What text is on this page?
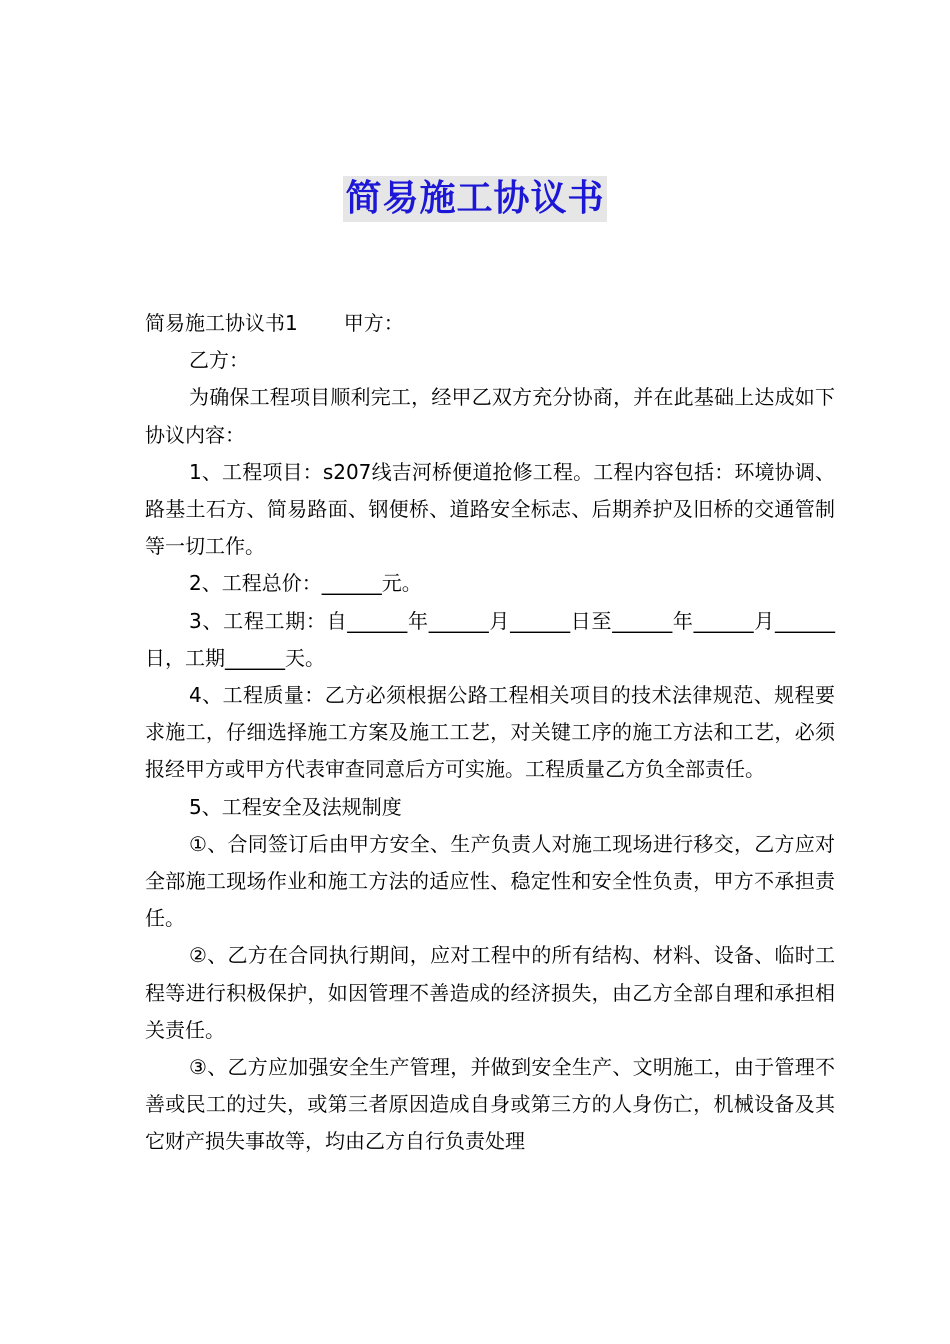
简易施工协议书

简易施工协议书1 甲方：

乙方：

为确保工程项目顺利完工，经甲乙双方充分协商，并在此基础上达成如下协议内容：

1、工程项目：s207线吉河桥便道抢修工程。工程内容包括：环境协调、路基土石方、简易路面、钢便桥、道路安全标志、后期养护及旧桥的交通管制等一切工作。

2、工程总价：______元。

3、工程工期：自______年______月______日至______年______月______日，工期______天。

4、工程质量：乙方必须根据公路工程相关项目的技术法律规范、规程要求施工，仔细选择施工方案及施工工艺，对关键工序的施工方法和工艺，必须报经甲方或甲方代表审查同意后方可实施。工程质量乙方负全部责任。

5、工程安全及法规制度

①、合同签订后由甲方安全、生产负责人对施工现场进行移交，乙方应对全部施工现场作业和施工方法的适应性、稳定性和安全性负责，甲方不承担责任。

②、乙方在合同执行期间，应对工程中的所有结构、材料、设备、临时工程等进行积极保护，如因管理不善造成的经济损失，由乙方全部自理和承担相关责任。

③、乙方应加强安全生产管理，并做到安全生产、文明施工，由于管理不善或民工的过失，或第三者原因造成自身或第三方的人身伤亡，机械设备及其它财产损失事故等，均由乙方自行负责处理
